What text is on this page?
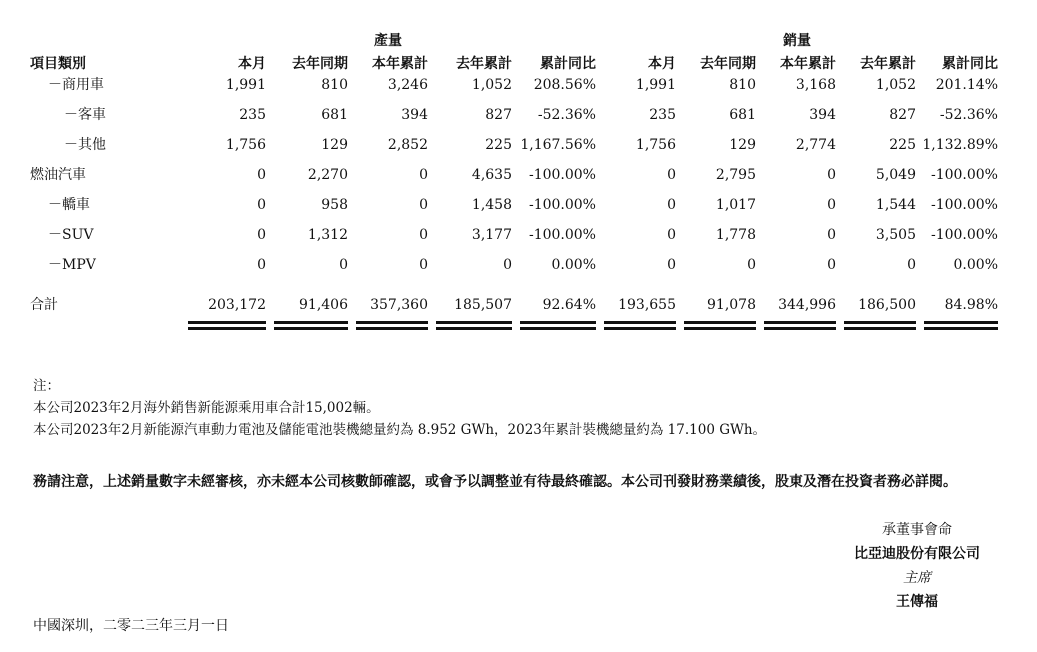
	產量					銷量				
項目類別	本月	去年同期	本年累計	去年累計	累計同比	本月	去年同期	本年累計	去年累計	累計同比
－商用車	1,991	810	3,246	1,052	208.56%	1,991	810	3,168	1,052	201.14%
－客車	235	681	394	827	-52.36%	235	681	394	827	-52.36%
－其他	1,756	129	2,852	225	1,167.56%	1,756	129	2,774	225	1,132.89%
燃油汽車	0	2,270	0	4,635	-100.00%	0	2,795	0	5,049	-100.00%
－轎車	0	958	0	1,458	-100.00%	0	1,017	0	1,544	-100.00%
－SUV	0	1,312	0	3,177	-100.00%	0	1,778	0	3,505	-100.00%
－MPV	0	0	0	0	0.00%	0	0	0	0	0.00%
合計	203,172	91,406	357,360	185,507	92.64%	193,655	91,078	344,996	186,500	84.98%

注：
本公司2023年2月海外銷售新能源乘用車合計15,002輛。
本公司2023年2月新能源汽車動力電池及儲能電池裝機總量約為 8.952 GWh，2023年累計裝機總量約為 17.100 GWh。
務請注意，上述銷量數字未經審核，亦未經本公司核數師確認，或會予以調整並有待最終確認。本公司刊發財務業績後，股東及潛在投資者務必詳閱。
承董事會命
比亞迪股份有限公司
主席
王傳福
中國深圳，二零二三年三月一日
